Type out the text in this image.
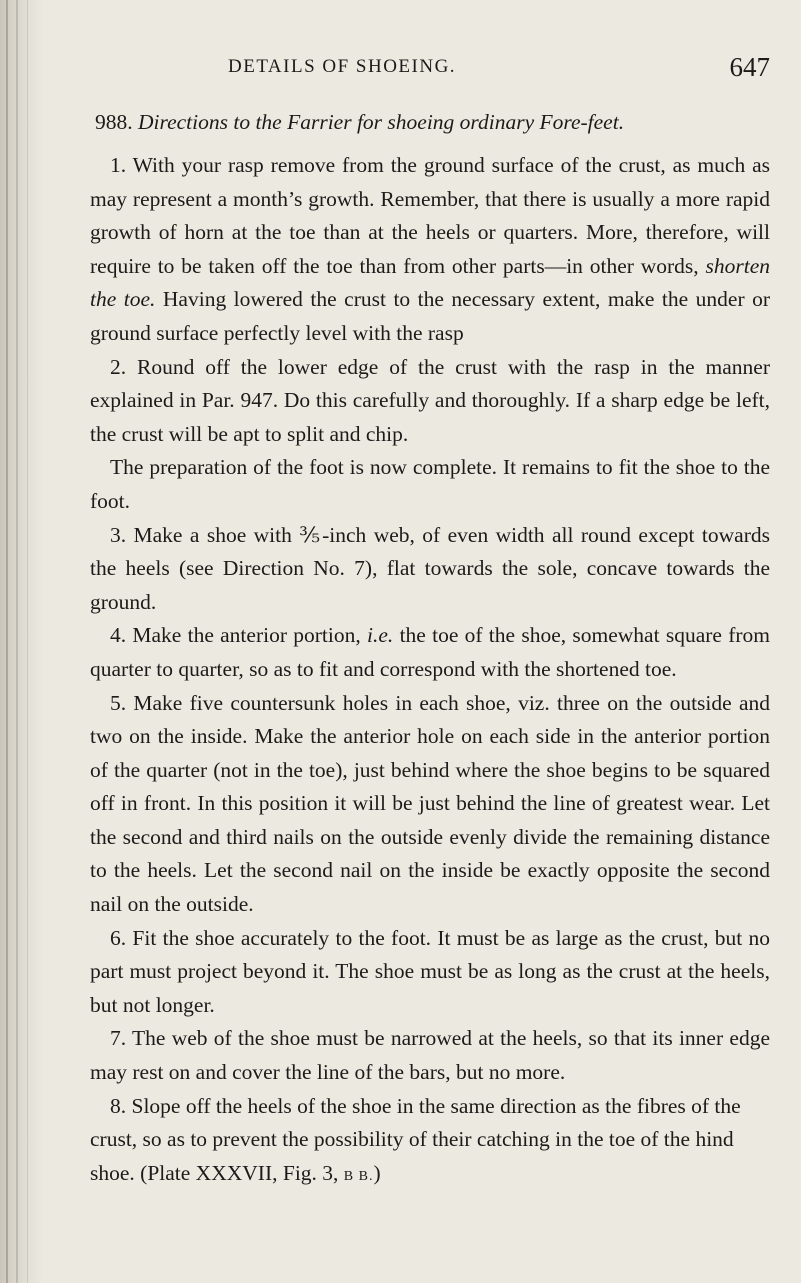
DETAILS OF SHOEING.	647
988. Directions to the Farrier for shoeing ordinary Fore-feet.

1. With your rasp remove from the ground surface of the crust, as much as may represent a month’s growth. Remember, that there is usually a more rapid growth of horn at the toe than at the heels or quarters. More, therefore, will require to be taken off the toe than from other parts—in other words, shorten the toe. Having lowered the crust to the necessary extent, make the under or ground surface perfectly level with the rasp

2. Round off the lower edge of the crust with the rasp in the manner explained in Par. 947. Do this carefully and thoroughly. If a sharp edge be left, the crust will be apt to split and chip.

The preparation of the foot is now complete. It remains to fit the shoe to the foot.

3. Make a shoe with ⅗-inch web, of even width all round except towards the heels (see Direction No. 7), flat towards the sole, concave towards the ground.

4. Make the anterior portion, i.e. the toe of the shoe, somewhat square from quarter to quarter, so as to fit and correspond with the shortened toe.

5. Make five countersunk holes in each shoe, viz. three on the outside and two on the inside. Make the anterior hole on each side in the anterior portion of the quarter (not in the toe), just behind where the shoe begins to be squared off in front. In this position it will be just behind the line of greatest wear. Let the second and third nails on the outside evenly divide the remaining distance to the heels. Let the second nail on the inside be exactly opposite the second nail on the outside.

6. Fit the shoe accurately to the foot. It must be as large as the crust, but no part must project beyond it. The shoe must be as long as the crust at the heels, but not longer.

7. The web of the shoe must be narrowed at the heels, so that its inner edge may rest on and cover the line of the bars, but no more.

8. Slope off the heels of the shoe in the same direction as the fibres of the crust, so as to prevent the possibility of their catching in the toe of the hind shoe. (Plate XXXVII, Fig. 3, B B.)
